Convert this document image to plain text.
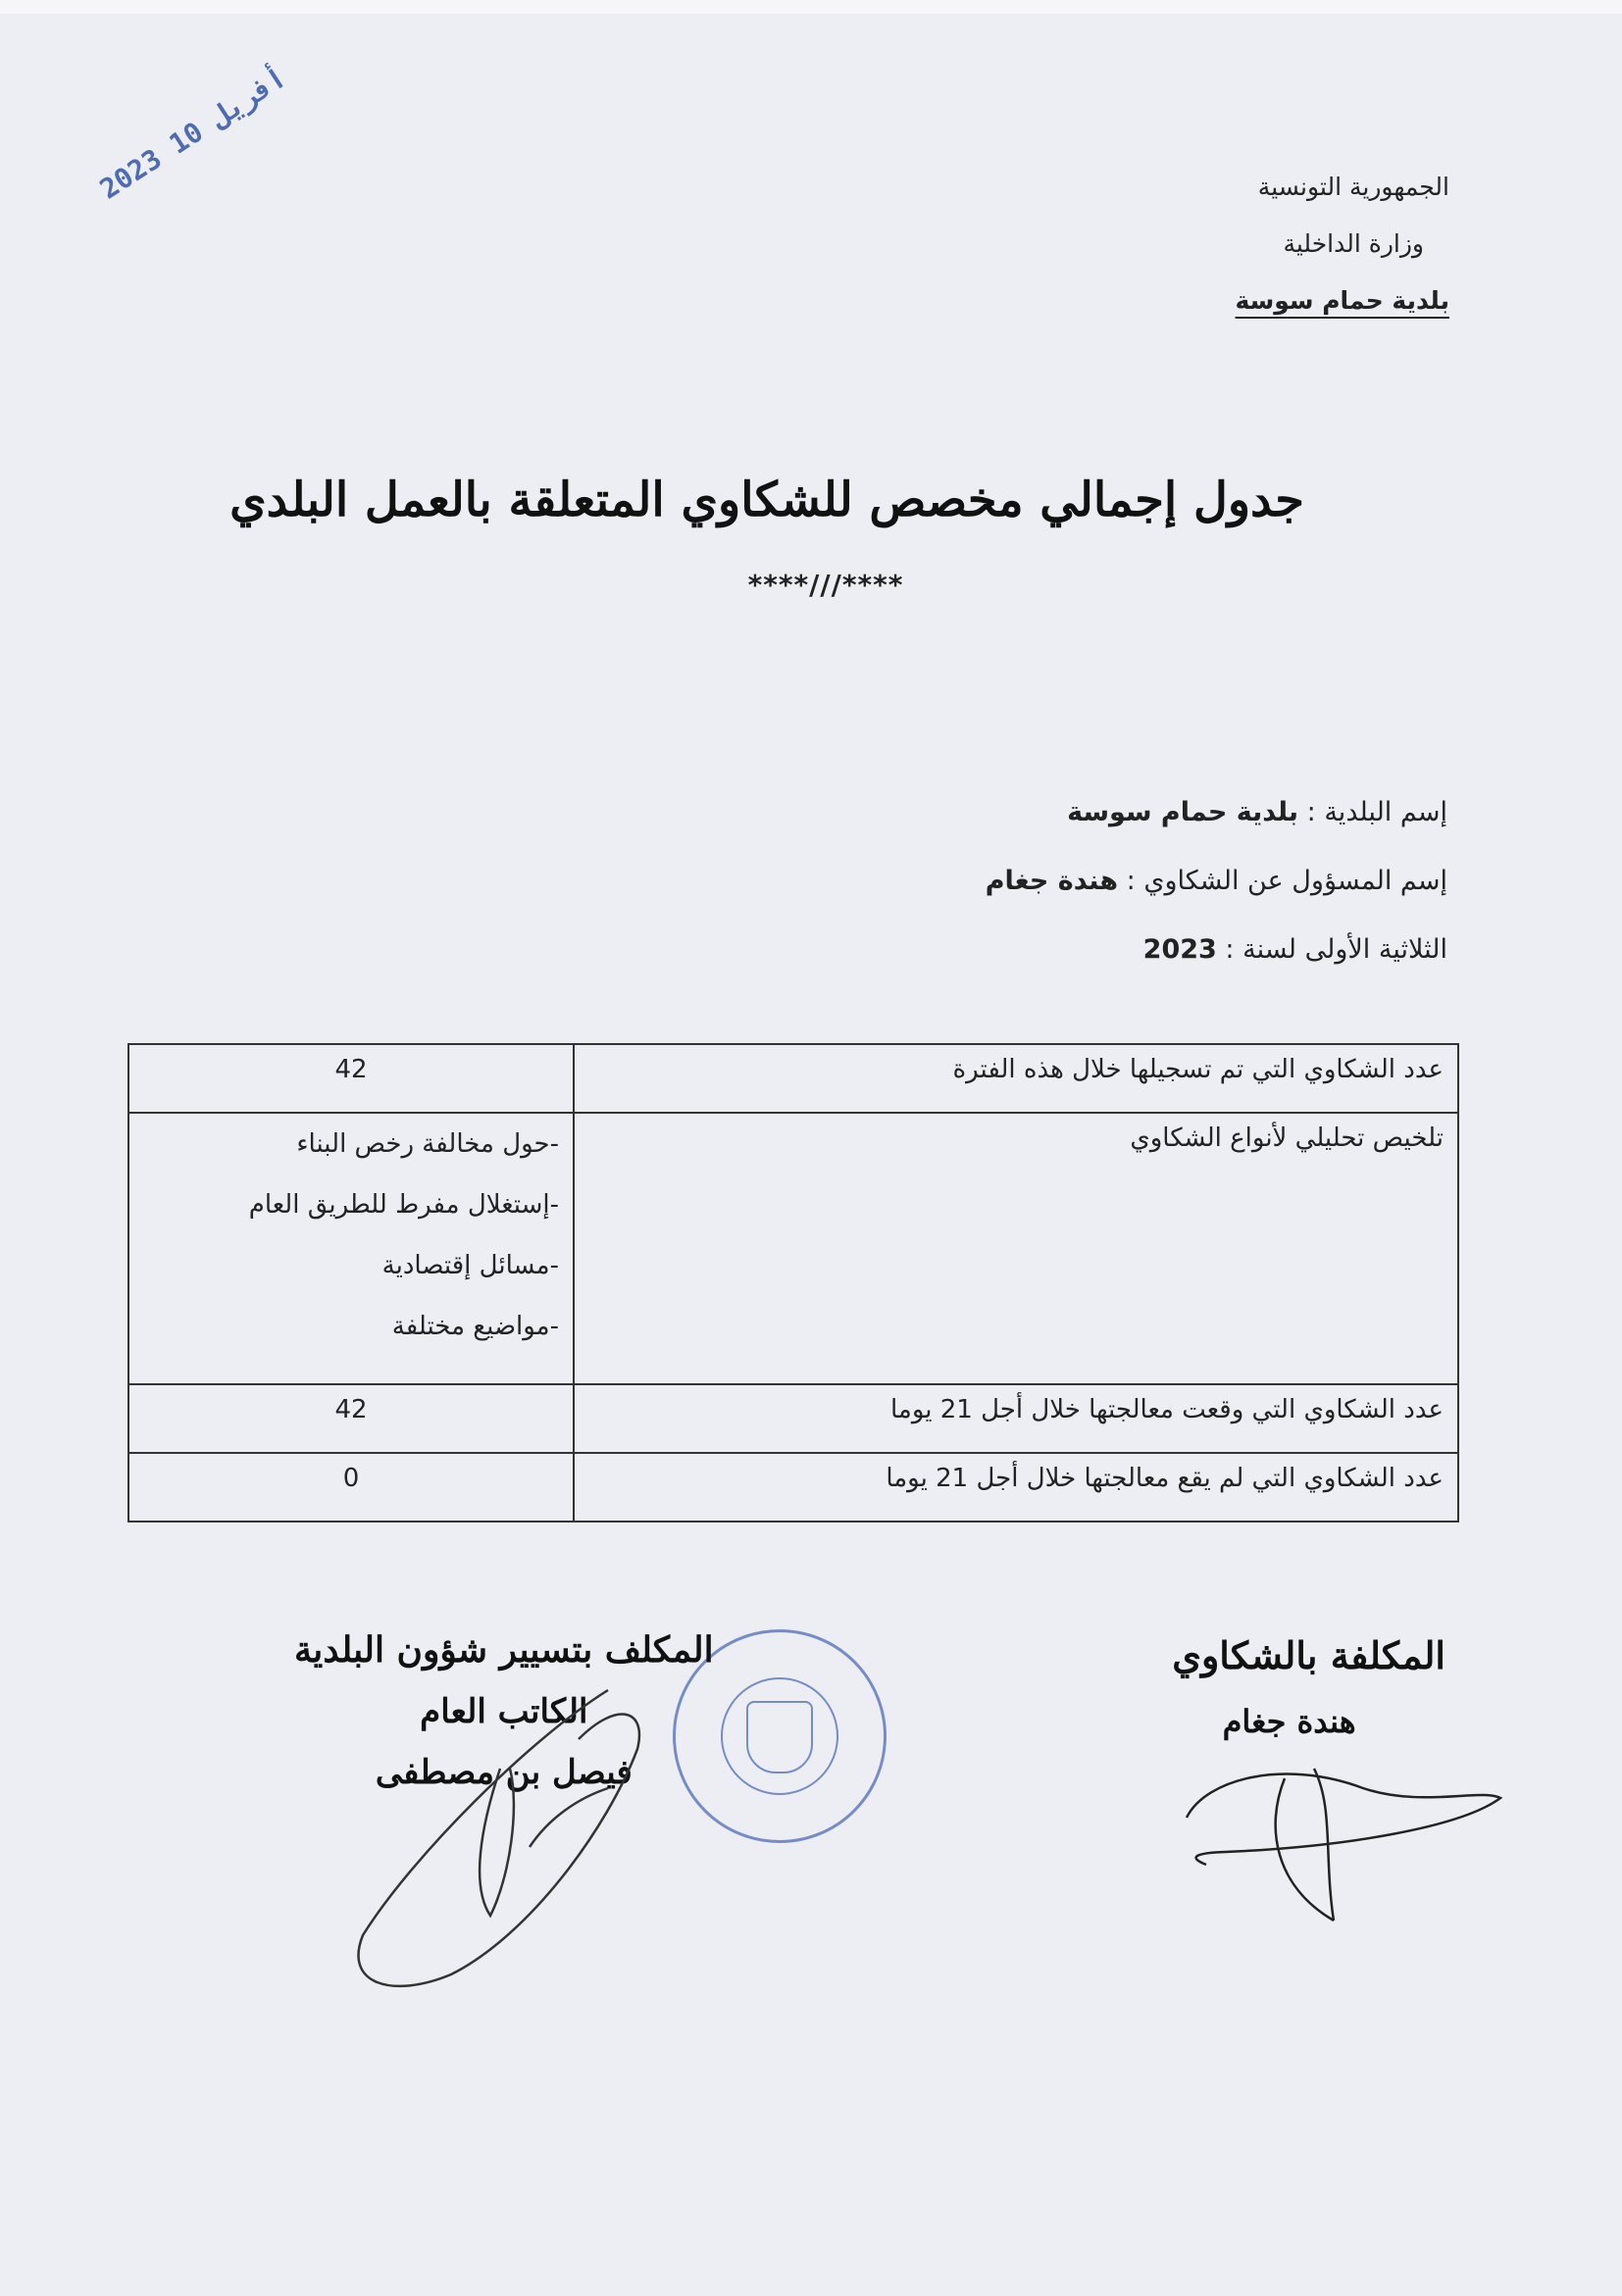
الجمهورية التونسية
وزارة الداخلية
بلدية حمام سوسة
2023 أفريل 10
جدول إجمالي مخصص للشكاوي المتعلقة بالعمل البلدي
****///****
إسم البلدية : بلدية حمام سوسة
إسم المسؤول عن الشكاوي : هندة جغام
الثلاثية الأولى لسنة : 2023
عدد الشكاوي التي تم تسجيلها خلال هذه الفترة	42
تلخيص تحليلي لأنواع الشكاوي	-حول مخالفة رخص البناء
-إستغلال مفرط للطريق العام
-مسائل إقتصادية
-مواضيع مختلفة

عدد الشكاوي التي وقعت معالجتها خلال أجل 21 يوما	42
عدد الشكاوي التي لم يقع معالجتها خلال أجل 21 يوما	0
المكلفة بالشكاوي
هندة جغام
المكلف بتسيير شؤون البلدية
الكاتب العام
فيصل بن مصطفى
